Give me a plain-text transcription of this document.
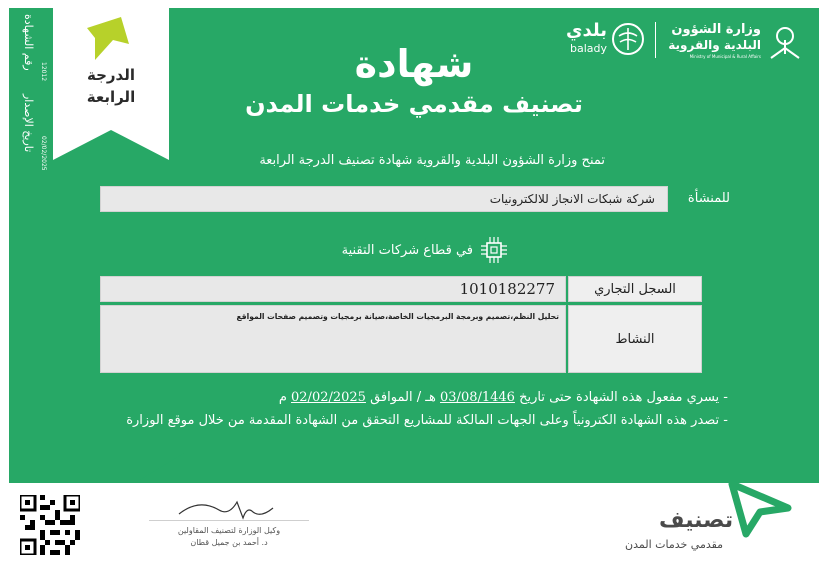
رقم الشهادة
12012
تاريخ الإصدار
02/02/2025
الدرجة
الرابعة
وزارة الشؤون
البلدية والقروية
Ministry of Municipal & Rural Affairs
بلدي
balady
شهادة
تصنيف مقدمي خدمات المدن
تمنح وزارة الشؤون البلدية والقروية شهادة تصنيف الدرجة الرابعة
للمنشأة
شركة شبكات الانجاز للالكترونيات
في قطاع شركات التقنية
1010182277	السجل التجاري
تحليل النظم،تصميم وبرمجة البرمجيات الخاصة،صيانة برمجيات وتصميم صفحات المواقع
النشاط
- يسري مفعول هذه الشهادة حتى تاريخ 03/08/1446 هـ / الموافق 02/02/2025 م
- تصدر هذه الشهادة الكترونياً وعلى الجهات المالكة للمشاريع التحقق من الشهادة المقدمة من خلال موقع الوزارة
وكيل الوزارة لتصنيف المقاولين
د. أحمد بن جميل قطان
تصنيف
مقدمي خدمات المدن
